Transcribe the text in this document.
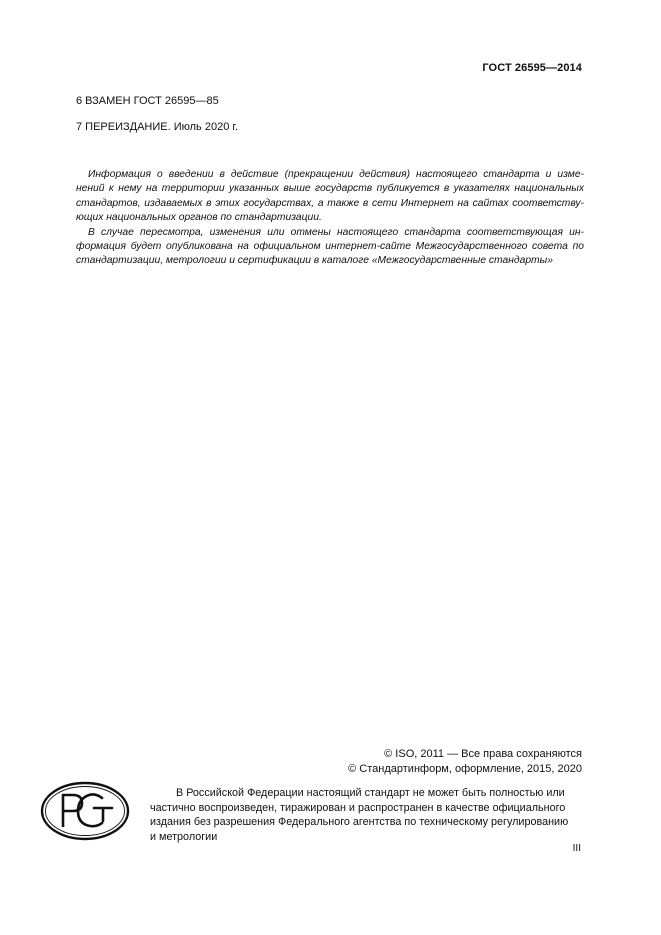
ГОСТ 26595—2014
6 ВЗАМЕН ГОСТ 26595—85
7 ПЕРЕИЗДАНИЕ. Июль 2020 г.

Информация о введении в действие (прекращении действия) настоящего стандарта и изме-
нений к нему на территории указанных выше государств публикуется в указателях национальных
стандартов, издаваемых в этих государствах, а также в сети Интернет на сайтах соответству-
ющих национальных органов по стандартизации.

В случае пересмотра, изменения или отмены настоящего стандарта соответствующая ин-
формация будет опубликована на официальном интернет-сайте Межгосударственного совета по
стандартизации, метрологии и сертификации в каталоге «Межгосударственные стандарты»

© ISO, 2011 — Все права сохраняются
© Стандартинформ, оформление, 2015, 2020
В Российской Федерации настоящий стандарт не может быть полностью или
частично воспроизведен, тиражирован и распространен в качестве официального
издания без разрешения Федерального агентства по техническому регулированию
и метрологии
III
